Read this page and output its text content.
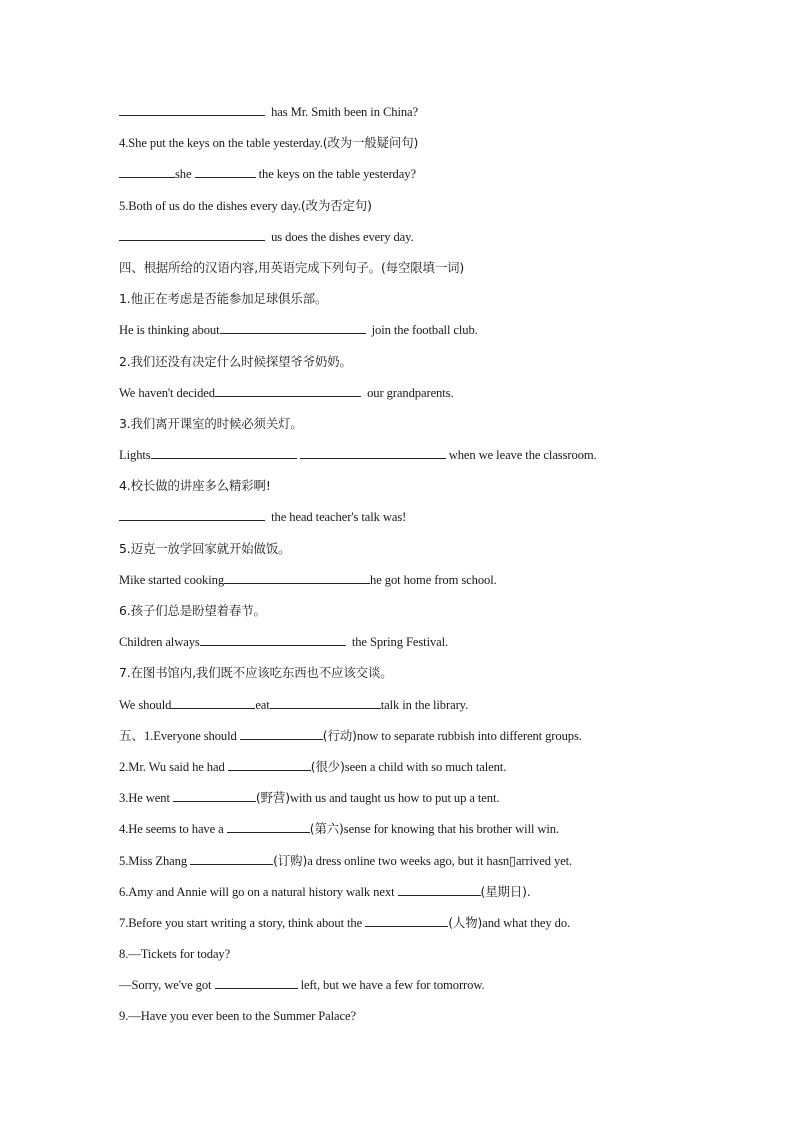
has Mr. Smith been in China?
4.She put the keys on the table yesterday.(改为一般疑问句)
she	the keys on the table yesterday?
5.Both of us do the dishes every day.(改为否定句)
us does the dishes every day.
四、根据所给的汉语内容,用英语完成下列句子。(每空限填一词)
1.他正在考虑是否能参加足球俱乐部。
He is thinking about	join the football club.
2.我们还没有决定什么时候探望爷爷奶奶。
We haven't decided	our grandparents.
3.我们离开课室的时候必须关灯。
Lights	when we leave the classroom.
4.校长做的讲座多么精彩啊!
the head teacher's talk was!
5.迈克一放学回家就开始做饭。
Mike started cooking	he got home from school.
6.孩子们总是盼望着春节。
Children always	the Spring Festival.
7.在图书馆内,我们既不应该吃东西也不应该交谈。
We should	eat	talk in the library.
五、1.Everyone should	(行动)now to separate rubbish into different groups.
2.Mr. Wu said he had	(很少)seen a child with so much talent.
3.He went	(野营)with us and taught us how to put up a tent.
4.He seems to have a	(第六)sense for knowing that his brother will win.
5.Miss Zhang	(订购)a dress online two weeks ago, but it hasn▯arrived yet.
6.Amy and Annie will go on a natural history walk next	(星期日).
7.Before you start writing a story, think about the	(人物)and what they do.
8.—Tickets for today?
—Sorry, we've got	left, but we have a few for tomorrow.
9.—Have you ever been to the Summer Palace?
